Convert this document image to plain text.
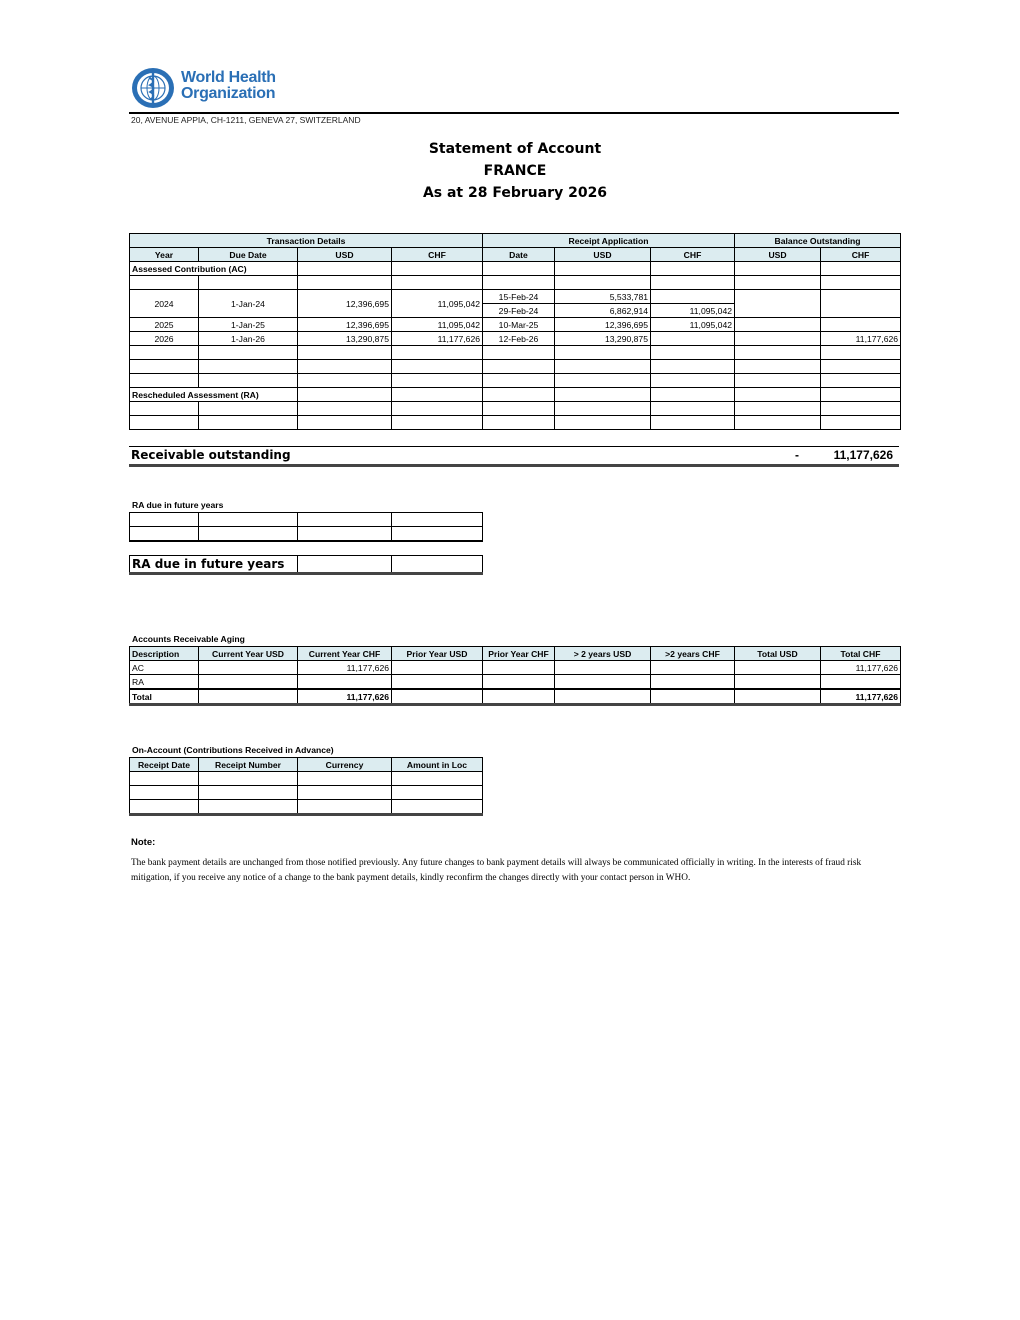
World Health
Organization
20, AVENUE APPIA, CH-1211, GENEVA 27, SWITZERLAND
Statement of Account
FRANCE
As at 28 February 2026
Transaction Details				Receipt Application			Balance Outstanding	
Year	Due Date	USD	CHF	Date	USD	CHF	USD	CHF
Assessed Contribution (AC)								

2024	1-Jan-24	12,396,695	11,095,042	15-Feb-24	5,533,781			
				29-Feb-24	6,862,914	11,095,042		
2025	1-Jan-25	12,396,695	11,095,042	10-Mar-25	12,396,695	11,095,042		
2026	1-Jan-26	13,290,875	11,177,626	12-Feb-26	13,290,875			11,177,626

Rescheduled Assessment (RA)								

Receivable outstanding	-	11,177,626
RA due in future years

RA due in future years		
Accounts Receivable Aging
Description	Current Year USD	Current Year CHF	Prior Year USD	Prior Year CHF	> 2 years USD	>2 years CHF	Total USD	Total CHF
AC		11,177,626						11,177,626
RA								
Total		11,177,626						11,177,626
On-Account (Contributions Received in Advance)
Receipt Date	Receipt Number	Currency	Amount in Loc

Note:
The bank payment details are unchanged from those notified previously. Any future changes to bank payment details will always be communicated officially in writing. In the interests of fraud risk mitigation, if you receive any notice of a change to the bank payment details, kindly reconfirm the changes directly with your contact person in WHO.
